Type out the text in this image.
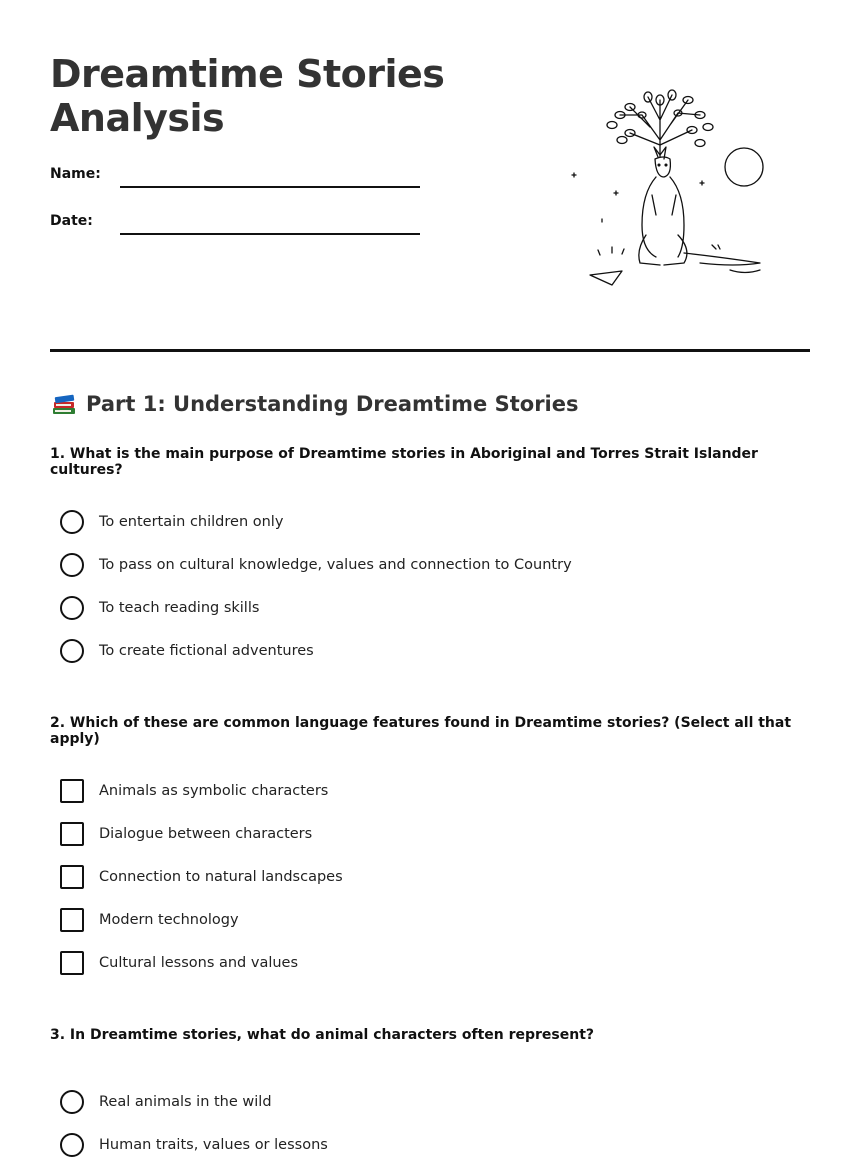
Dreamtime Stories
Analysis
Name:
Date:
Part 1: Understanding Dreamtime Stories
1. What is the main purpose of Dreamtime stories in Aboriginal and Torres Strait Islander cultures?
To entertain children only
To pass on cultural knowledge, values and connection to Country
To teach reading skills
To create fictional adventures
2. Which of these are common language features found in Dreamtime stories? (Select all that apply)
Animals as symbolic characters
Dialogue between characters
Connection to natural landscapes
Modern technology
Cultural lessons and values
3. In Dreamtime stories, what do animal characters often represent?
Real animals in the wild
Human traits, values or lessons
